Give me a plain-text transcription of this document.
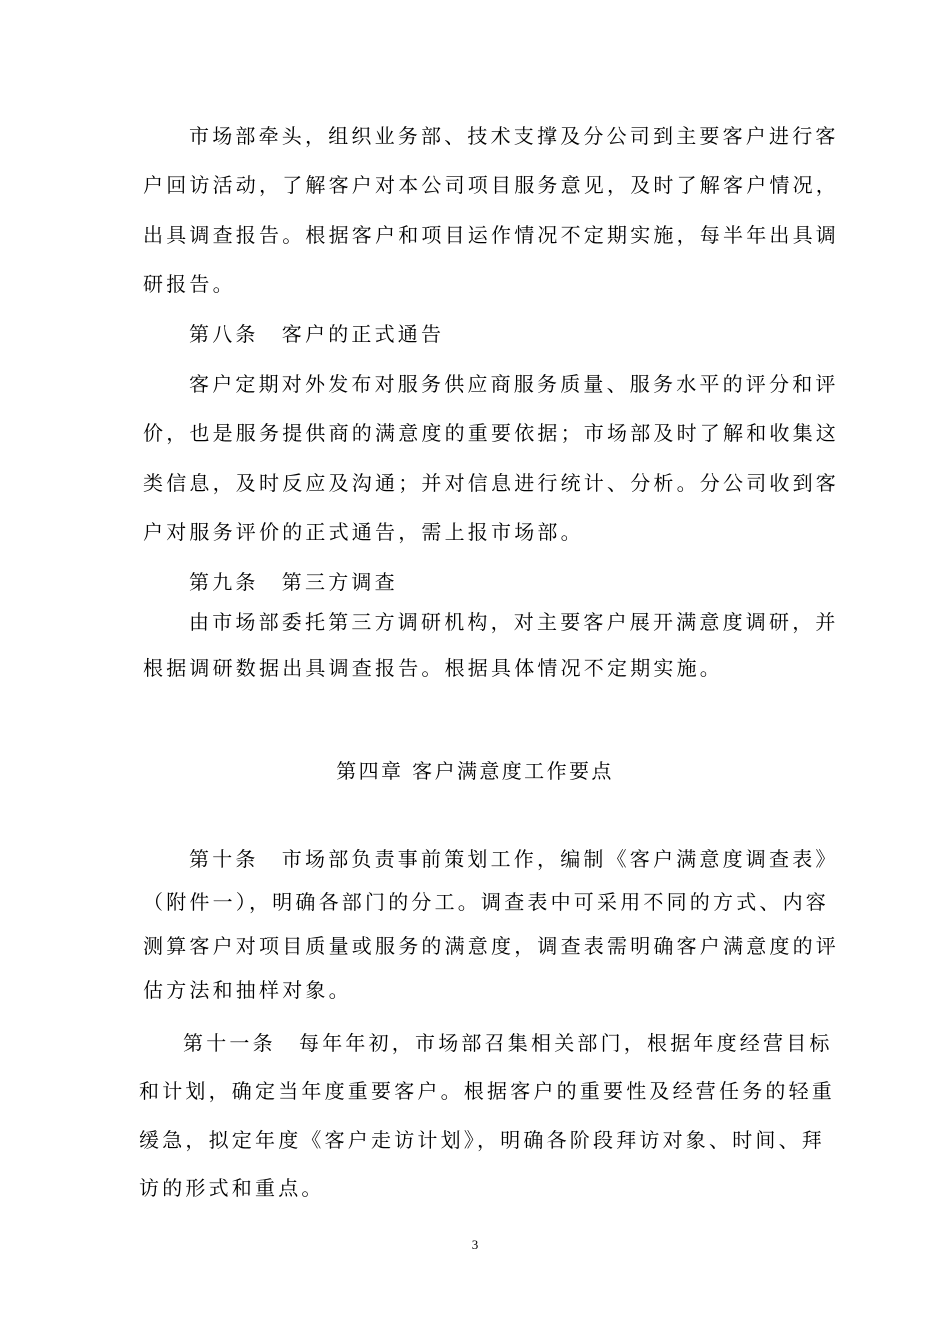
市场部牵头，组织业务部、技术支撑及分公司到主要客户进行客
户回访活动，了解客户对本公司项目服务意见，及时了解客户情况，
出具调查报告。根据客户和项目运作情况不定期实施，每半年出具调
研报告。
第八条　客户的正式通告
客户定期对外发布对服务供应商服务质量、服务水平的评分和评
价，也是服务提供商的满意度的重要依据；市场部及时了解和收集这
类信息，及时反应及沟通；并对信息进行统计、分析。分公司收到客
户对服务评价的正式通告，需上报市场部。
第九条　第三方调查
由市场部委托第三方调研机构，对主要客户展开满意度调研，并
根据调研数据出具调查报告。根据具体情况不定期实施。
第四章 客户满意度工作要点
第十条　市场部负责事前策划工作，编制《客户满意度调查表》
（附件一），明确各部门的分工。调查表中可采用不同的方式、内容
测算客户对项目质量或服务的满意度，调查表需明确客户满意度的评
估方法和抽样对象。
第十一条　每年年初，市场部召集相关部门，根据年度经营目标
和计划，确定当年度重要客户。根据客户的重要性及经营任务的轻重
缓急，拟定年度《客户走访计划》，明确各阶段拜访对象、时间、拜
访的形式和重点。
3
